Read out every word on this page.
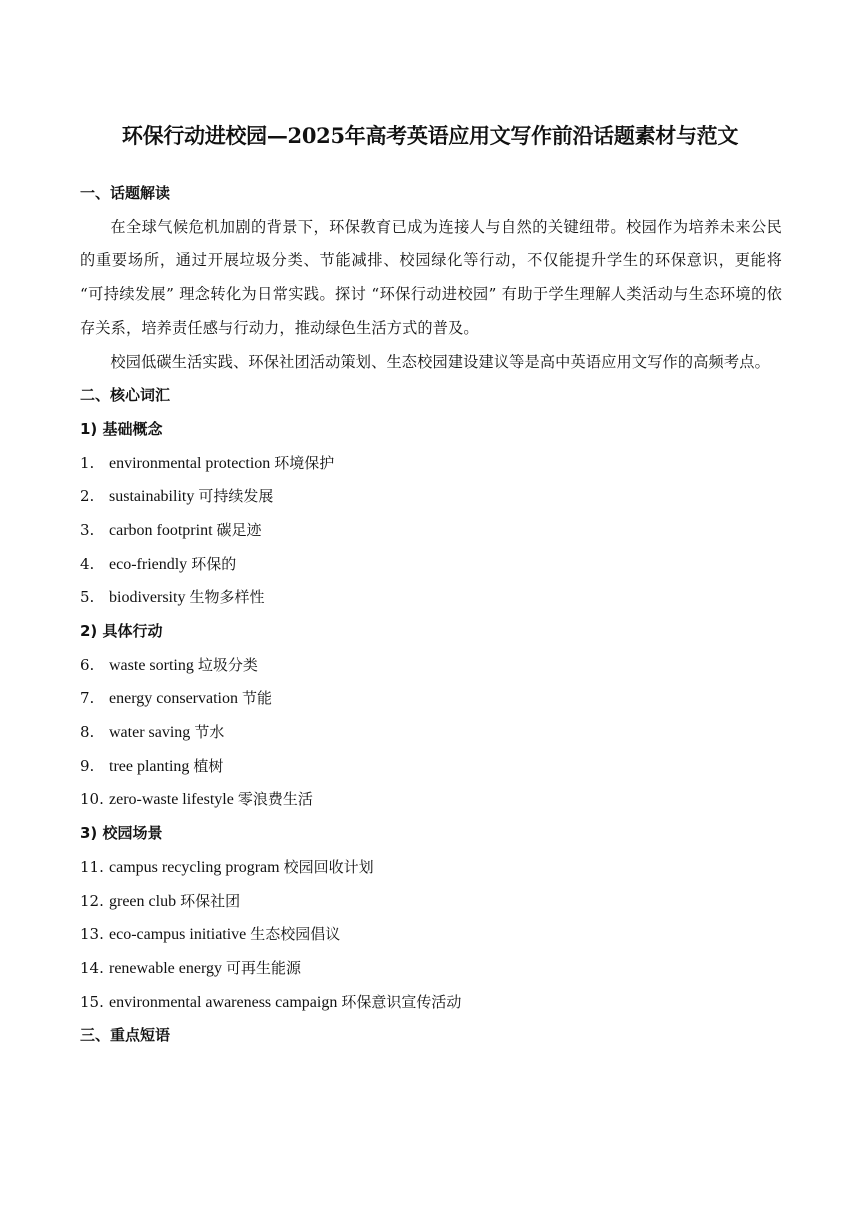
环保行动进校园—2025年高考英语应用文写作前沿话题素材与范文
一、话题解读

在全球气候危机加剧的背景下，环保教育已成为连接人与自然的关键纽带。校园作为培养未来公民的重要场所，通过开展垃圾分类、节能减排、校园绿化等行动，不仅能提升学生的环保意识，更能将 “可持续发展” 理念转化为日常实践。探讨 “环保行动进校园” 有助于学生理解人类活动与生态环境的依存关系，培养责任感与行动力，推动绿色生活方式的普及。

校园低碳生活实践、环保社团活动策划、生态校园建设建议等是高中英语应用文写作的高频考点。

二、核心词汇
1) 基础概念
1. environmental protection 环境保护
2. sustainability 可持续发展
3. carbon footprint 碳足迹
4. eco-friendly 环保的
5. biodiversity 生物多样性
2) 具体行动
6. waste sorting 垃圾分类
7. energy conservation 节能
8. water saving 节水
9. tree planting 植树
10. zero-waste lifestyle 零浪费生活
3) 校园场景
11. campus recycling program 校园回收计划
12. green club 环保社团
13. eco-campus initiative 生态校园倡议
14. renewable energy 可再生能源
15. environmental awareness campaign 环保意识宣传活动
三、重点短语
